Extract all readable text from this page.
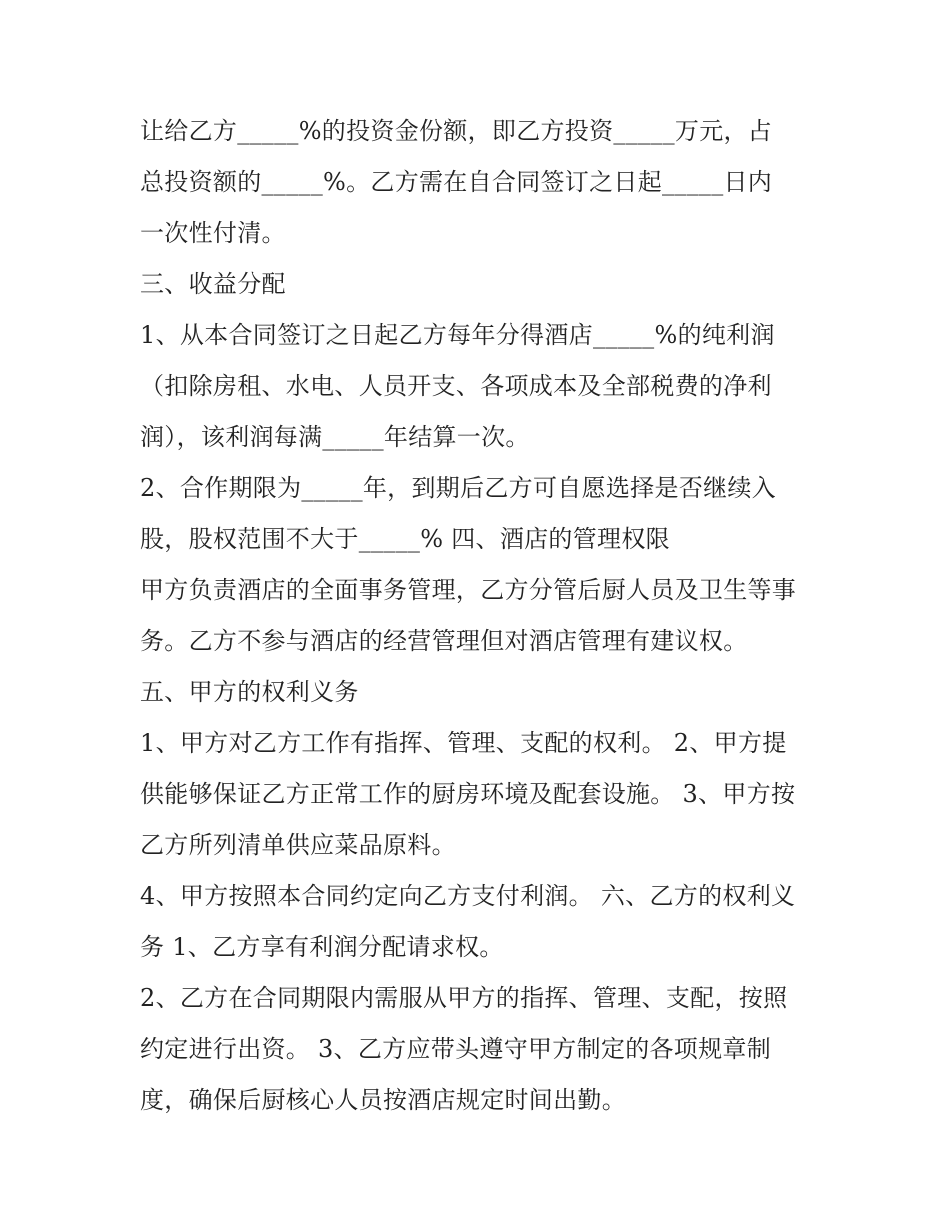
让给乙方_____%的投资金份额，即乙方投资_____万元，占
总投资额的_____%。乙方需在自合同签订之日起_____日内
一次性付清。
三、收益分配
1、从本合同签订之日起乙方每年分得酒店_____%的纯利润
（扣除房租、水电、人员开支、各项成本及全部税费的净利
润），该利润每满_____年结算一次。
2、合作期限为_____年，到期后乙方可自愿选择是否继续入
股，股权范围不大于_____% 四、酒店的管理权限
甲方负责酒店的全面事务管理，乙方分管后厨人员及卫生等事
务。乙方不参与酒店的经营管理但对酒店管理有建议权。
五、甲方的权利义务
1、甲方对乙方工作有指挥、管理、支配的权利。 2、甲方提
供能够保证乙方正常工作的厨房环境及配套设施。 3、甲方按
乙方所列清单供应菜品原料。
4、甲方按照本合同约定向乙方支付利润。 六、乙方的权利义
务 1、乙方享有利润分配请求权。
2、乙方在合同期限内需服从甲方的指挥、管理、支配，按照
约定进行出资。 3、乙方应带头遵守甲方制定的各项规章制
度，确保后厨核心人员按酒店规定时间出勤。
